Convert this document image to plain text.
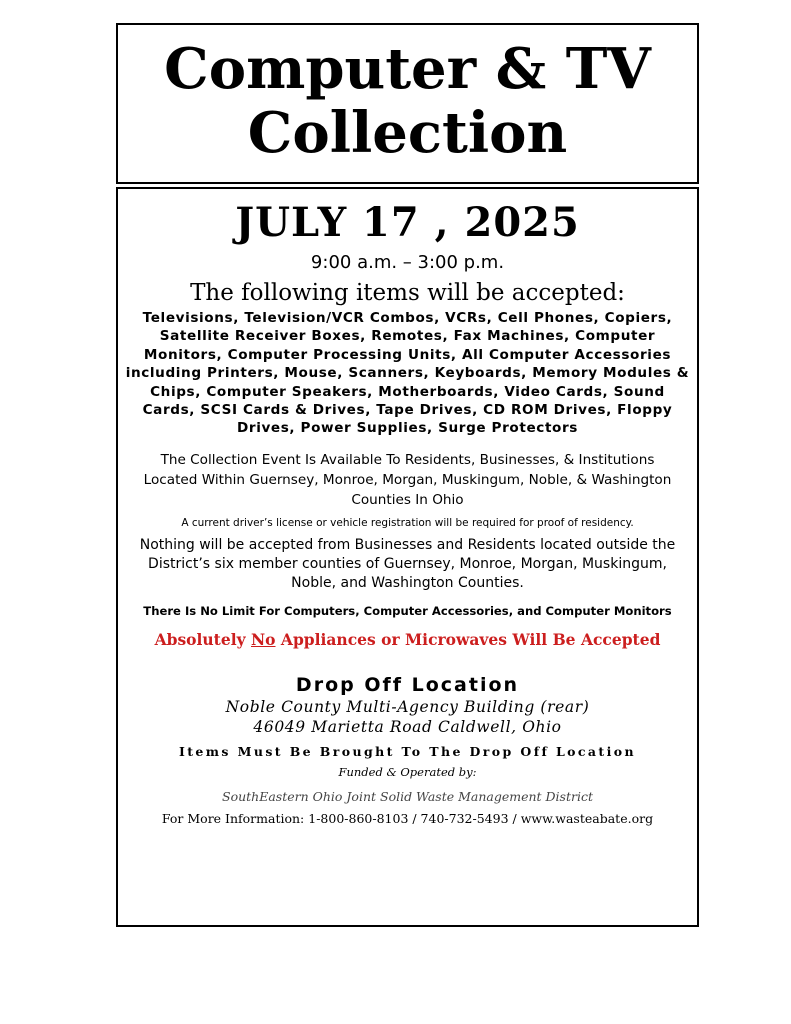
Computer & TV
Collection
JULY 17 , 2025
9:00 a.m. – 3:00 p.m.
The following items will be accepted:
Televisions, Television/VCR Combos, VCRs, Cell Phones, Copiers, Satellite Receiver Boxes, Remotes, Fax Machines, Computer Monitors, Computer Processing Units, All Computer Accessories including Printers, Mouse, Scanners, Keyboards, Memory Modules & Chips, Computer Speakers, Motherboards, Video Cards, Sound Cards, SCSI Cards & Drives, Tape Drives, CD ROM Drives, Floppy Drives, Power Supplies, Surge Protectors
The Collection Event Is Available To Residents, Businesses, & Institutions Located Within Guernsey, Monroe, Morgan, Muskingum, Noble, & Washington Counties In Ohio
A current driver’s license or vehicle registration will be required for proof of residency.
Nothing will be accepted from Businesses and Residents located outside the District’s six member counties of Guernsey, Monroe, Morgan, Muskingum, Noble, and Washington Counties.
There Is No Limit For Computers, Computer Accessories, and Computer Monitors
Absolutely No Appliances or Microwaves Will Be Accepted
Drop Off Location
Noble County Multi-Agency Building (rear)
46049 Marietta Road Caldwell, Ohio
Items Must Be Brought To The Drop Off Location
Funded & Operated by:
SouthEastern Ohio Joint Solid Waste Management District
For More Information: 1-800-860-8103 / 740-732-5493 / www.wasteabate.org
